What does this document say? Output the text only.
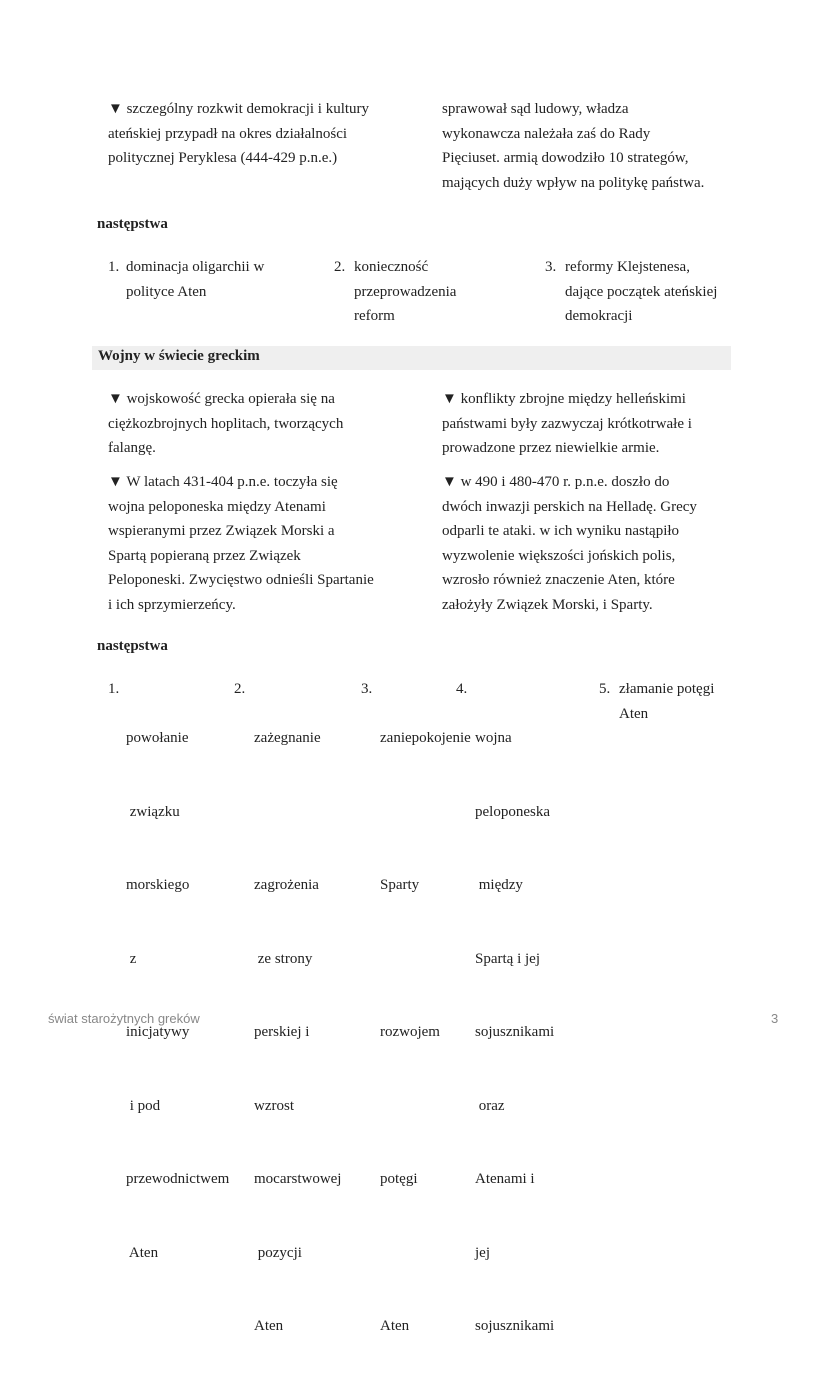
▼ szczególny rozkwit demokracji i kultury
ateńskiej przypadł na okres działalności
politycznej Peryklesa (444-429 p.n.e.)
sprawował sąd ludowy, władza
wykonawcza należała zaś do Rady
Pięciuset. armią dowodziło 10 strategów,
mających duży wpływ na politykę państwa.
następstwa
1. dominacja oligarchii w
polityce Aten
2. konieczność
przeprowadzenia
reform
3. reformy Klejstenesa,
dające początek ateńskiej
demokracji
Wojny w świecie greckim
▼ wojskowość grecka opierała się na
ciężkozbrojnych hoplitach, tworzących
falangę.
▼ konflikty zbrojne między helleńskimi
państwami były zazwyczaj krótkotrwałe i
prowadzone przez niewielkie armie.
▼ W latach 431-404 p.n.e. toczyła się
wojna peloponeska między Atenami
wspieranymi przez Związek Morski a
Spartą popieraną przez Związek
Peloponeski. Zwycięstwo odnieśli Spartanie
i ich sprzymierzeńcy.
▼ w 490 i 480-470 r. p.n.e. doszło do
dwóch inwazji perskich na Helladę. Grecy
odparli te ataki. w ich wyniku nastąpiło
wyzwolenie większości jońskich polis,
wzrosło również znaczenie Aten, które
założyły Związek Morski, i Sparty.
następstwa
1.

powołanie

związku

morskiego

z

inicjatywy

i pod

przewodnictwem

Aten

2.

zażegnanie

zagrożenia

ze strony

perskiej i

wzrost

mocarstwowej

pozycji

Aten

3.

zaniepokojenie

Sparty

rozwojem

potęgi

Aten

4.

wojna

peloponeska

między

Spartą i jej

sojusznikami

oraz

Atenami i

jej

sojusznikami

5. złamanie potęgi
Aten
świat starożytnych greków	3
